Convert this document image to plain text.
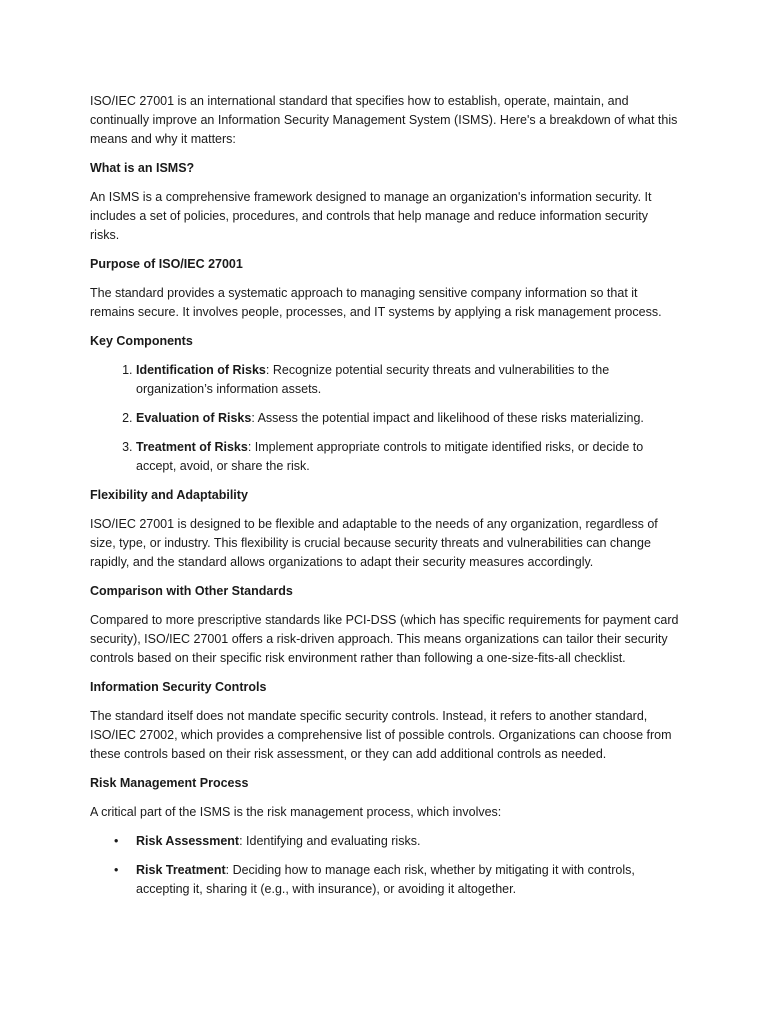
ISO/IEC 27001 is an international standard that specifies how to establish, operate, maintain, and continually improve an Information Security Management System (ISMS). Here's a breakdown of what this means and why it matters:

What is an ISMS?

An ISMS is a comprehensive framework designed to manage an organization's information security. It includes a set of policies, procedures, and controls that help manage and reduce information security risks.

Purpose of ISO/IEC 27001

The standard provides a systematic approach to managing sensitive company information so that it remains secure. It involves people, processes, and IT systems by applying a risk management process.

Key Components
1. Identification of Risks: Recognize potential security threats and vulnerabilities to the organization’s information assets.
2. Evaluation of Risks: Assess the potential impact and likelihood of these risks materializing.
3. Treatment of Risks: Implement appropriate controls to mitigate identified risks, or decide to accept, avoid, or share the risk.
Flexibility and Adaptability

ISO/IEC 27001 is designed to be flexible and adaptable to the needs of any organization, regardless of size, type, or industry. This flexibility is crucial because security threats and vulnerabilities can change rapidly, and the standard allows organizations to adapt their security measures accordingly.

Comparison with Other Standards

Compared to more prescriptive standards like PCI-DSS (which has specific requirements for payment card security), ISO/IEC 27001 offers a risk-driven approach. This means organizations can tailor their security controls based on their specific risk environment rather than following a one-size-fits-all checklist.

Information Security Controls

The standard itself does not mandate specific security controls. Instead, it refers to another standard, ISO/IEC 27002, which provides a comprehensive list of possible controls. Organizations can choose from these controls based on their risk assessment, or they can add additional controls as needed.

Risk Management Process

A critical part of the ISMS is the risk management process, which involves:

• Risk Assessment: Identifying and evaluating risks.
• Risk Treatment: Deciding how to manage each risk, whether by mitigating it with controls, accepting it, sharing it (e.g., with insurance), or avoiding it altogether.
